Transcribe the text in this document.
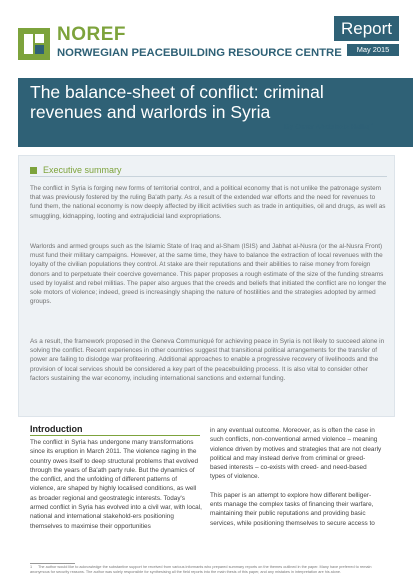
NOREF
NORWEGIAN PEACEBUILDING RESOURCE CENTRE
Report
May 2015
The balance-sheet of conflict: criminal revenues and warlords in Syria
By Omar Abdulaziz Hallaj$^1$
Executive summary

The conflict in Syria is forging new forms of territorial control, and a political economy that is not unlike the patronage system that was previously fostered by the ruling Ba'ath party. As a result of the extended war efforts and the need for revenues to fund them, the national economy is now deeply affected by illicit activities such as trade in antiquities, oil and drugs, as well as smuggling, kidnapping, looting and extrajudicial land expropriations.

Warlords and armed groups such as the Islamic State of Iraq and al-Sham (ISIS) and Jabhat al-Nusra (or the al-Nusra Front) must fund their military campaigns. However, at the same time, they have to balance the extraction of local revenues with the loyalty of the civilian populations they control. At stake are their reputations and their abilities to raise money from foreign donors and to perpetuate their coercive governance. This paper proposes a rough estimate of the size of the funding streams used by loyalist and rebel militias. The paper also argues that the creeds and beliefs that initiated the conflict are no longer the sole motors of violence; indeed, greed is increasingly shaping the nature of hostilities and the strategies adopted by armed groups.

As a result, the framework proposed in the Geneva Communiqué for achieving peace in Syria is not likely to succeed alone in solving the conflict. Recent experiences in other countries suggest that transitional political arrangements for the transfer of power are failing to dislodge war profiteering. Additional approaches to enable a progressive recovery of livelihoods and the provision of local services should be considered a key part of the peacebuilding process. It is also vital to consider other factors sustaining the war economy, including international sanctions and external funding.

Introduction

The conflict in Syria has undergone many transformations since its eruption in March 2011. The violence raging in the country owes itself to deep structural problems that evolved through the years of Ba'ath party rule. But the dynamics of the conflict, and the unfolding of different patterns of violence, are shaped by highly localised conditions, as well as broader regional and geostrategic interests. Today's armed conflict in Syria has evolved into a civil war, with local, national and international stakehold-ers positioning themselves to maximise their opportunities

in any eventual outcome. Moreover, as is often the case in such conflicts, non-conventional armed violence – meaning violence driven by motives and strategies that are not clearly political and may instead derive from criminal or greed-based interests – co-exists with creed- and need-based types of violence.

This paper is an attempt to explore how different belliger-ents manage the complex tasks of financing their warfare, maintaining their public reputations and providing basic services, while positioning themselves to secure access to

1 The author would like to acknowledge the substantive support he received from various informants who prepared summary reports on the themes outlined in the paper. Many have preferred to remain anonymous for security reasons. The author was solely responsible for synthesising all the field reports into the main thesis of this paper, and any mistakes in interpretation are his alone.
